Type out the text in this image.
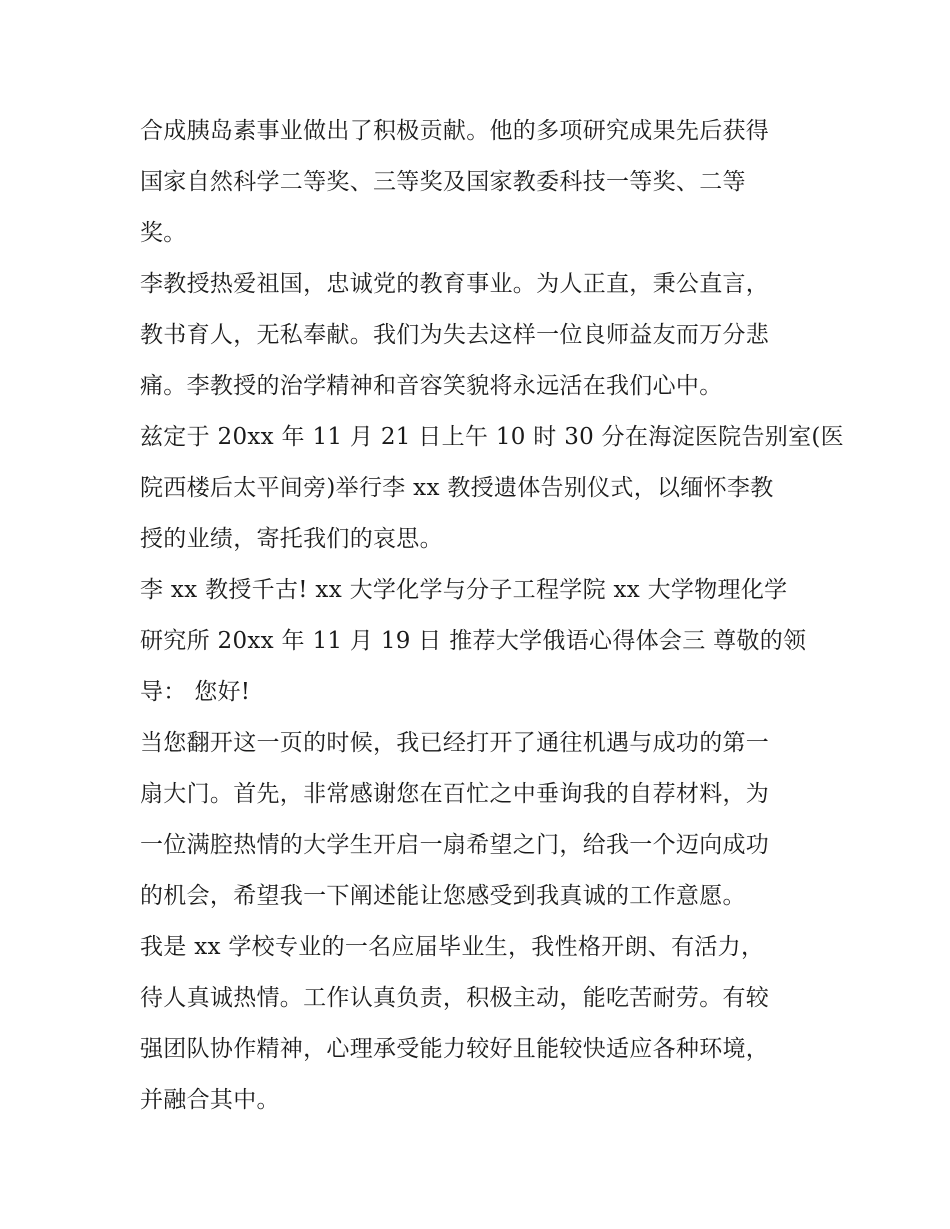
合成胰岛素事业做出了积极贡献。他的多项研究成果先后获得
国家自然科学二等奖、三等奖及国家教委科技一等奖、二等
奖。
李教授热爱祖国，忠诚党的教育事业。为人正直，秉公直言，
教书育人，无私奉献。我们为失去这样一位良师益友而万分悲
痛。李教授的治学精神和音容笑貌将永远活在我们心中。
兹定于 20xx 年 11 月 21 日上午 10 时 30 分在海淀医院告别室(医
院西楼后太平间旁)举行李 xx 教授遗体告别仪式，以缅怀李教
授的业绩，寄托我们的哀思。
李 xx 教授千古! xx 大学化学与分子工程学院 xx 大学物理化学
研究所 20xx 年 11 月 19 日 推荐大学俄语心得体会三 尊敬的领
导： 您好!
当您翻开这一页的时候，我已经打开了通往机遇与成功的第一
扇大门。首先，非常感谢您在百忙之中垂询我的自荐材料，为
一位满腔热情的大学生开启一扇希望之门，给我一个迈向成功
的机会，希望我一下阐述能让您感受到我真诚的工作意愿。
我是 xx 学校专业的一名应届毕业生，我性格开朗、有活力，
待人真诚热情。工作认真负责，积极主动，能吃苦耐劳。有较
强团队协作精神，心理承受能力较好且能较快适应各种环境，
并融合其中。
